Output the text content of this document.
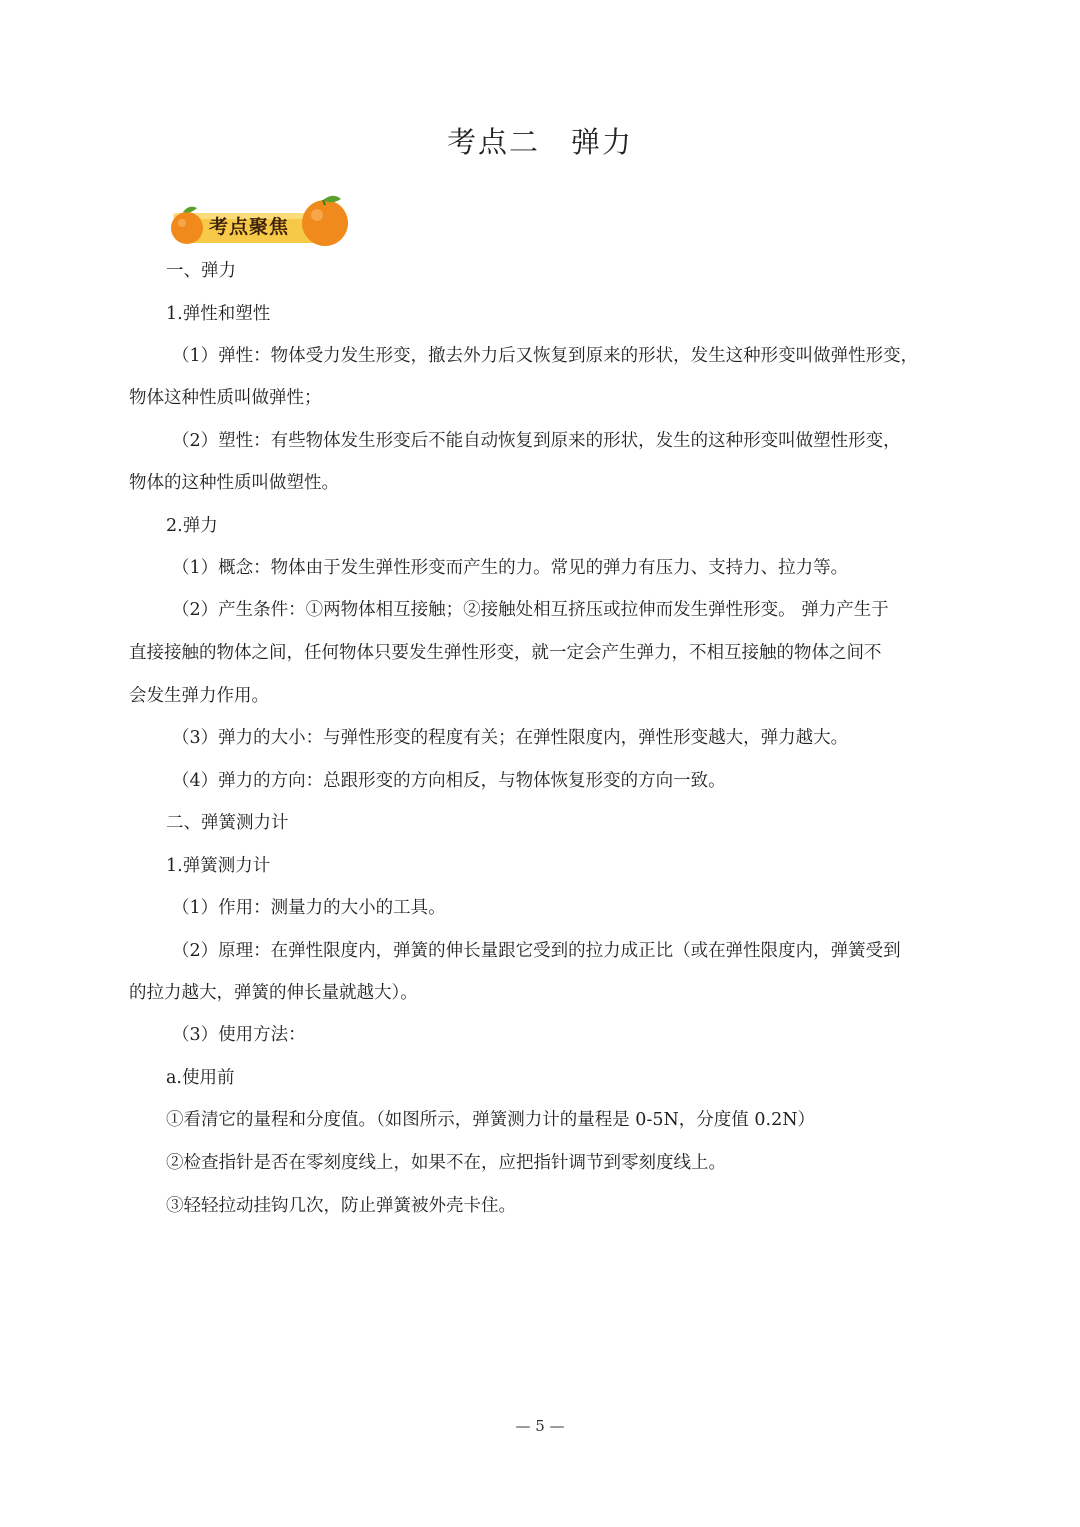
考点二　弹力
考点聚焦
一、弹力
1.弹性和塑性
（1）弹性：物体受力发生形变，撤去外力后又恢复到原来的形状，发生这种形变叫做弹性形变，
物体这种性质叫做弹性；
（2）塑性：有些物体发生形变后不能自动恢复到原来的形状，发生的这种形变叫做塑性形变，
物体的这种性质叫做塑性。
2.弹力
（1）概念：物体由于发生弹性形变而产生的力。常见的弹力有压力、支持力、拉力等。
（2）产生条件：①两物体相互接触；②接触处相互挤压或拉伸而发生弹性形变。 弹力产生于
直接接触的物体之间，任何物体只要发生弹性形变，就一定会产生弹力，不相互接触的物体之间不
会发生弹力作用。
（3）弹力的大小：与弹性形变的程度有关；在弹性限度内，弹性形变越大，弹力越大。
（4）弹力的方向：总跟形变的方向相反，与物体恢复形变的方向一致。
二、弹簧测力计
1.弹簧测力计
（1）作用：测量力的大小的工具。
（2）原理：在弹性限度内，弹簧的伸长量跟它受到的拉力成正比（或在弹性限度内，弹簧受到
的拉力越大，弹簧的伸长量就越大）。
（3）使用方法：
a.使用前
①看清它的量程和分度值。（如图所示，弹簧测力计的量程是 0-5N，分度值 0.2N）
②检查指针是否在零刻度线上，如果不在，应把指针调节到零刻度线上。
③轻轻拉动挂钩几次，防止弹簧被外壳卡住。
— 5 —
